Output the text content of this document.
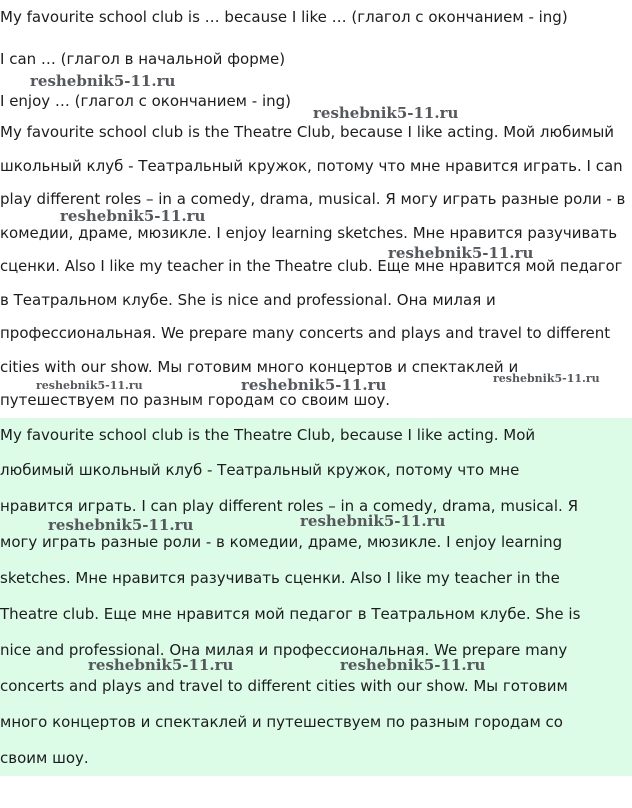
My favourite school club is … because I like … (глагол с окончанием - ing)

I can … (глагол в начальной форме)

I enjoy … (глагол с окончанием - ing)

My favourite school club is the Theatre Club, because I like acting. Мой любимый

школьный клуб - Театральный кружок, потому что мне нравится играть. I can

play different roles – in a comedy, drama, musical. Я могу играть разные роли - в

комедии, драме, мюзикле. I enjoy learning sketches. Мне нравится разучивать

сценки. Also I like my teacher in the Theatre club. Еще мне нравится мой педагог

в Театральном клубе. She is nice and professional. Она милая и

профессиональная. We prepare many concerts and plays and travel to different

cities with our show. Мы готовим много концертов и спектаклей и

путешествуем по разным городам со своим шоу.

My favourite school club is the Theatre Club, because I like acting. Мой

любимый школьный клуб - Театральный кружок, потому что мне

нравится играть. I can play different roles – in a comedy, drama, musical. Я

могу играть разные роли - в комедии, драме, мюзикле. I enjoy learning

sketches. Мне нравится разучивать сценки. Also I like my teacher in the

Theatre club. Еще мне нравится мой педагог в Театральном клубе. She is

nice and professional. Она милая и профессиональная. We prepare many

concerts and plays and travel to different cities with our show. Мы готовим

много концертов и спектаклей и путешествуем по разным городам со

своим шоу.

reshebnik5-11.ru
reshebnik5-11.ru
reshebnik5-11.ru
reshebnik5-11.ru
reshebnik5-11.ru	reshebnik5-11.ru	reshebnik5-11.ru
reshebnik5-11.ru	reshebnik5-11.ru
reshebnik5-11.ru	reshebnik5-11.ru
